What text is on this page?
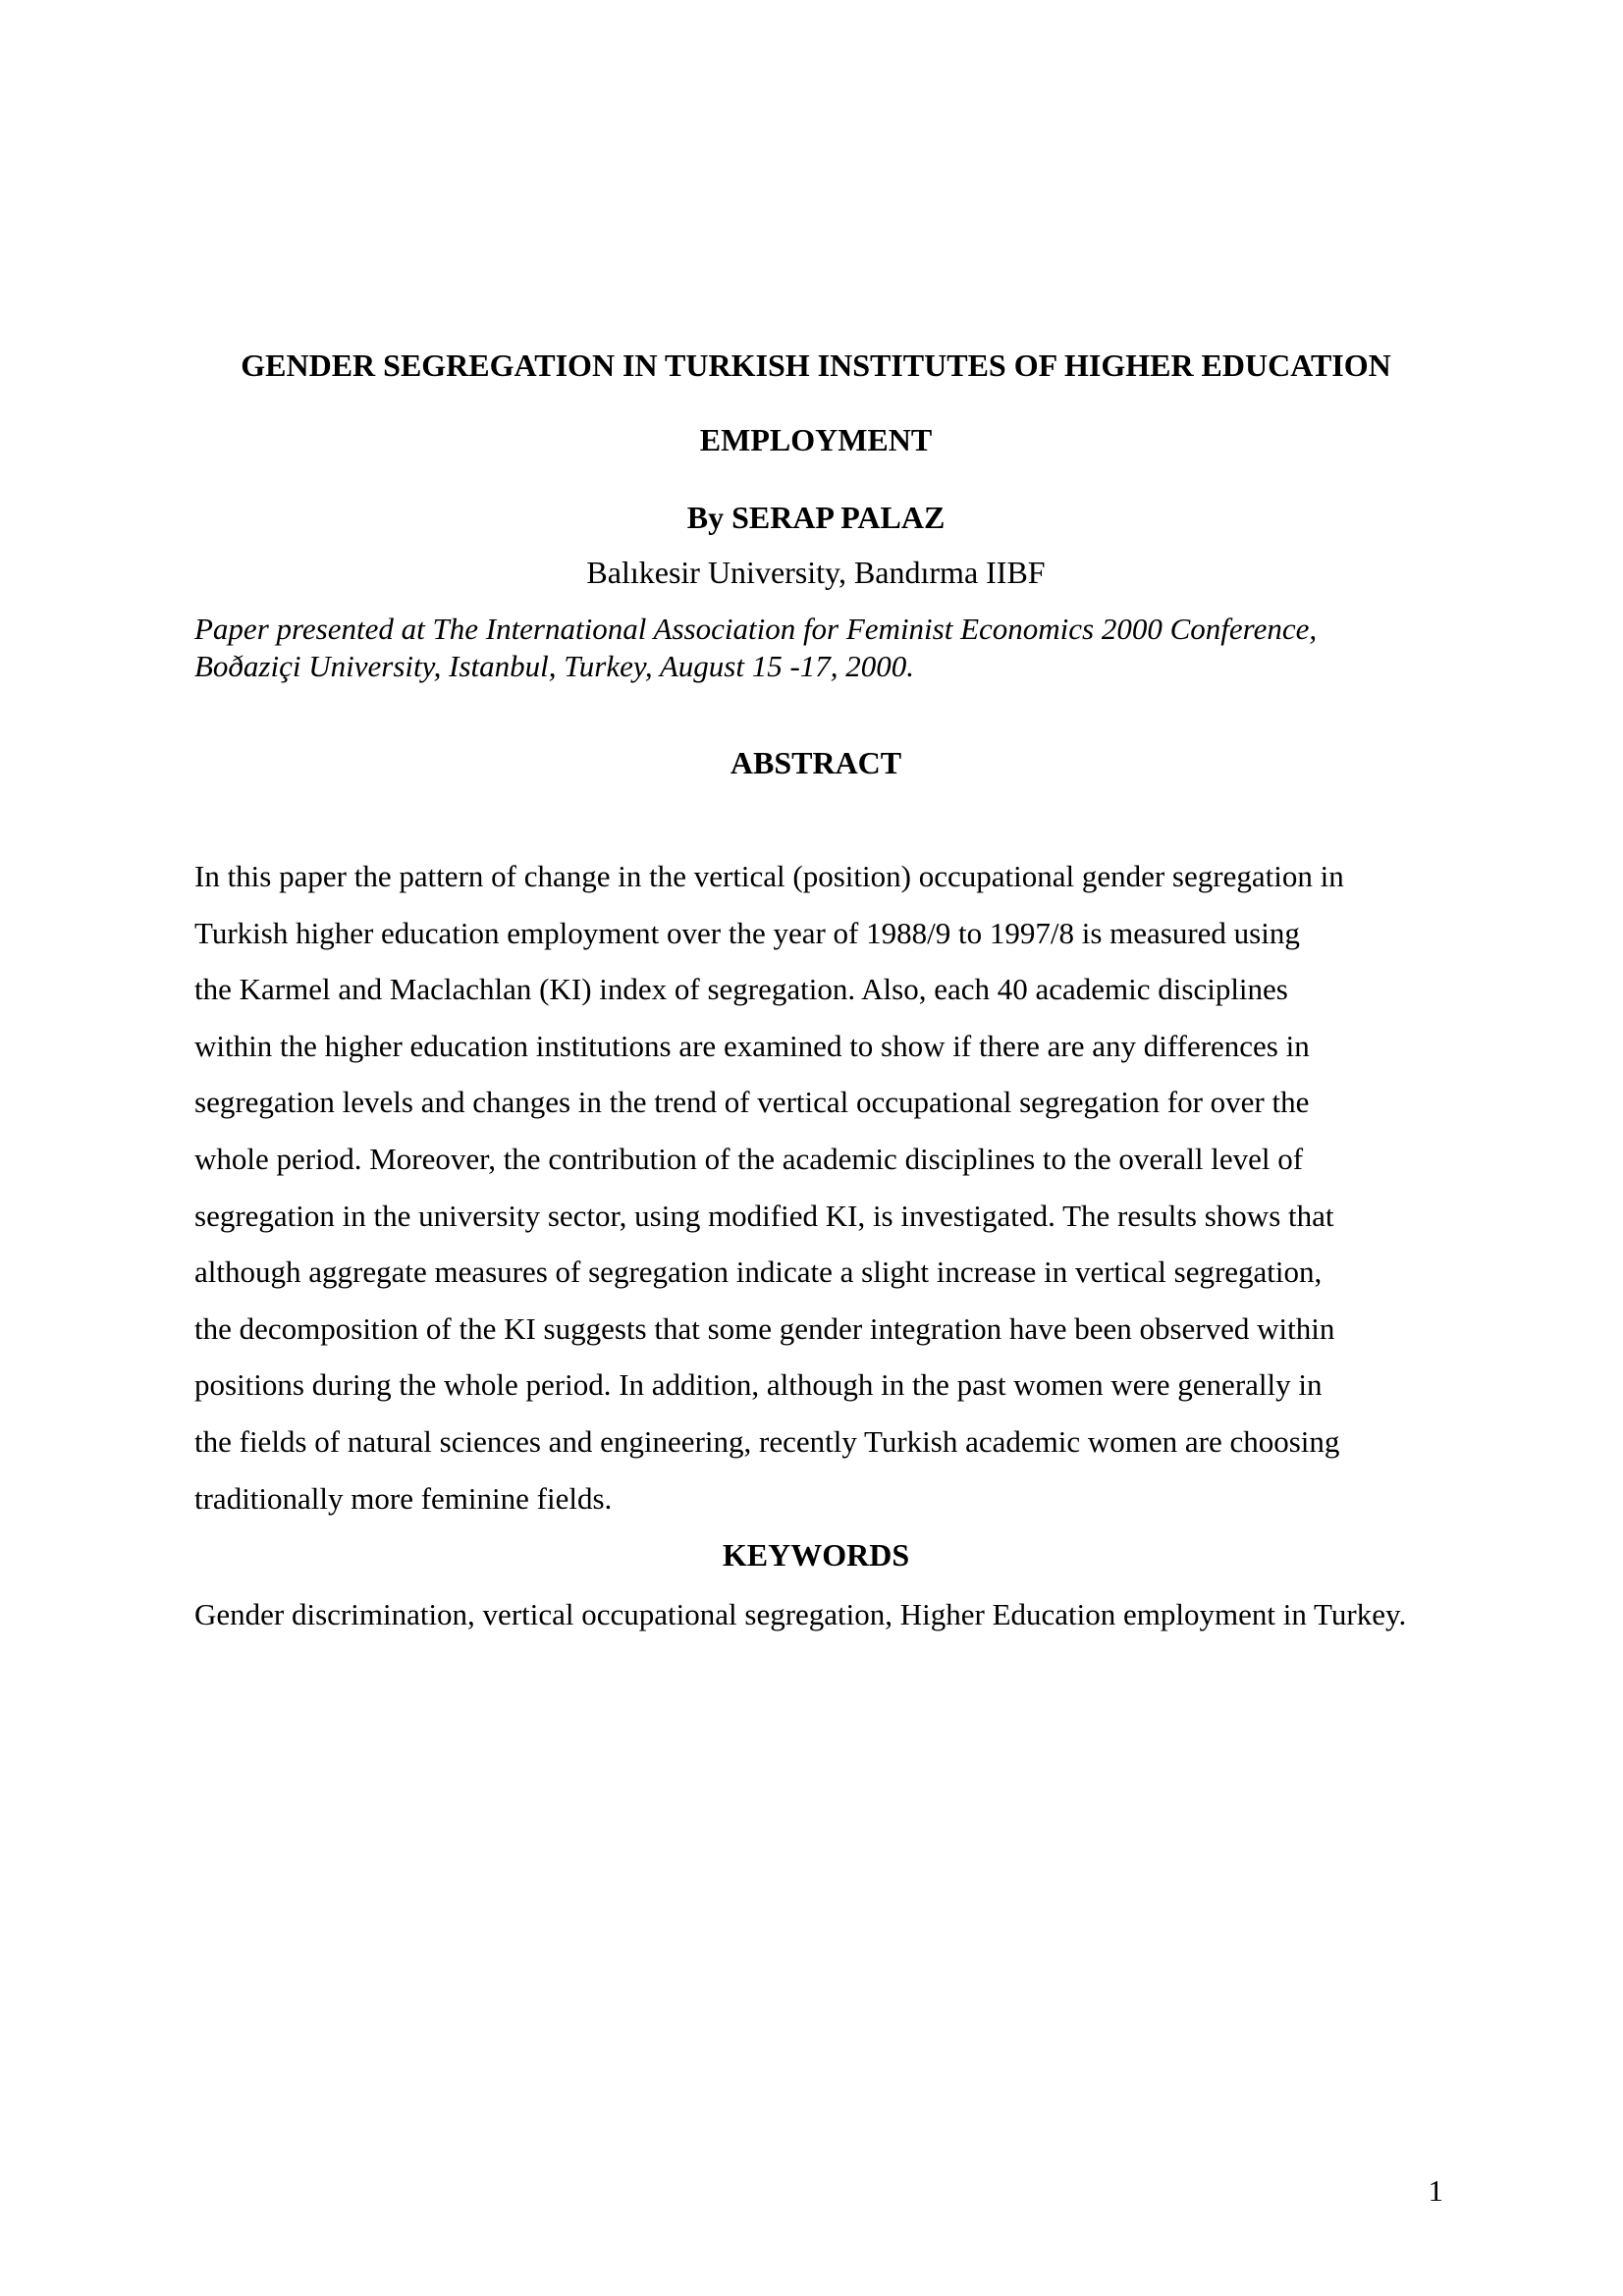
GENDER SEGREGATION IN TURKISH INSTITUTES OF HIGHER EDUCATION
EMPLOYMENT
By SERAP PALAZ
Balıkesir University, Bandırma IIBF
Paper presented at The International Association for Feminist Economics 2000 Conference,
Boðaziçi University, Istanbul, Turkey, August 15 -17, 2000.
ABSTRACT
In this paper the pattern of change in the vertical (position) occupational gender segregation in
Turkish higher education employment over the year of 1988/9 to 1997/8 is measured using
the Karmel and Maclachlan (KI) index of segregation. Also, each 40 academic disciplines
within the higher education institutions are examined to show if there are any differences in
segregation levels and changes in the trend of vertical occupational segregation for over the
whole period. Moreover, the contribution of the academic disciplines to the overall level of
segregation in the university sector, using modified KI, is investigated. The results shows that
although aggregate measures of segregation indicate a slight increase in vertical segregation,
the decomposition of the KI suggests that some gender integration have been observed within
positions during the whole period. In addition, although in the past women were generally in
the fields of natural sciences and engineering, recently Turkish academic women are choosing
traditionally more feminine fields.
KEYWORDS
Gender discrimination, vertical occupational segregation, Higher Education employment in Turkey.
1
